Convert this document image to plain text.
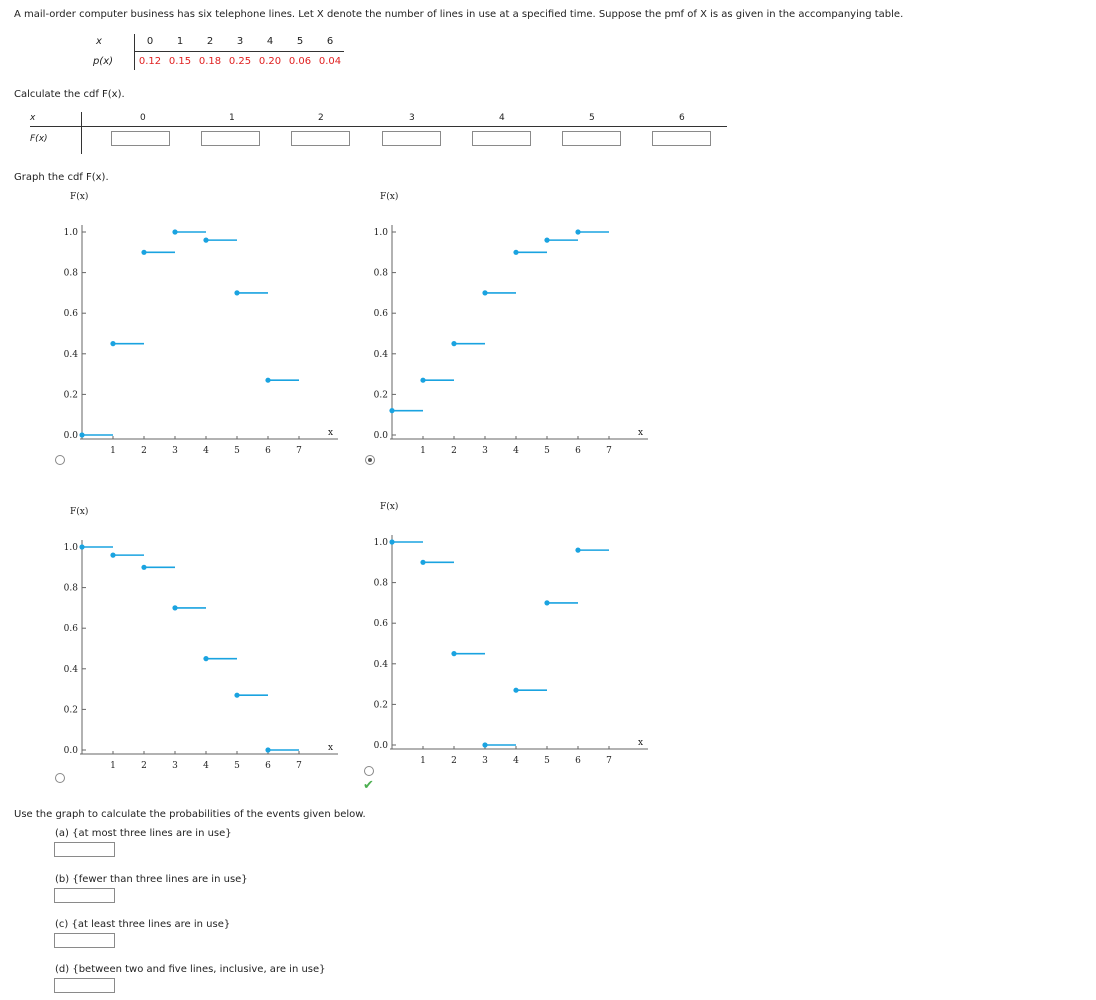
A mail-order computer business has six telephone lines. Let X denote the number of lines in use at a specified time. Suppose the pmf of X is as given in the accompanying table.
x
p(x)
0	1	2	3	4	5	6
0.12 0.15 0.18 0.25 0.20 0.06 0.04
Calculate the cdf F(x).
x
F(x)
0	1	2	3	4	5	6
Graph the cdf F(x).
F(x)
0.0
0.2
0.4
0.6
0.8
1.0
1	2	3	4	5	6	7
x
F(x)
0.0
0.2
0.4
0.6
0.8
1.0
1	2	3	4	5	6	7
x
F(x)
0.0
0.2
0.4
0.6
0.8
1.0
1	2	3	4	5	6	7
x
F(x)
0.0
0.2
0.4
0.6
0.8
1.0
1	2	3	4	5	6	7
x
✔
Use the graph to calculate the probabilities of the events given below.
(a) {at most three lines are in use}
(b) {fewer than three lines are in use}
(c) {at least three lines are in use}
(d) {between two and five lines, inclusive, are in use}
